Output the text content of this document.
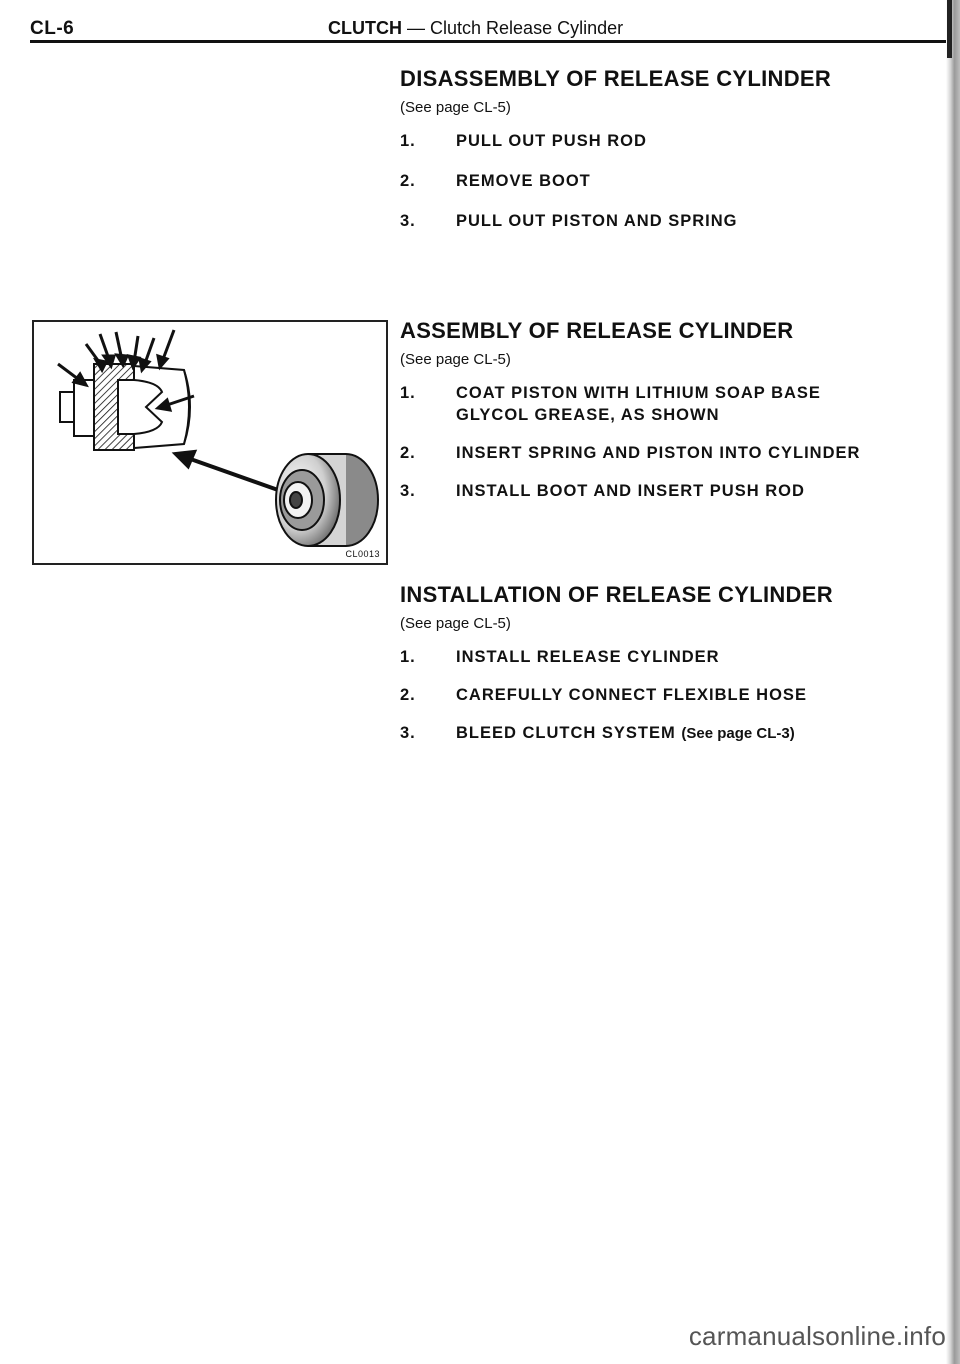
CL-6	CLUTCH — Clutch Release Cylinder
DISASSEMBLY OF RELEASE CYLINDER
(See page CL-5)
1. PULL OUT PUSH ROD
2. REMOVE BOOT
3. PULL OUT PISTON AND SPRING
CL0013
ASSEMBLY OF RELEASE CYLINDER
(See page CL-5)
1. COAT PISTON WITH LITHIUM SOAP BASE
GLYCOL GREASE, AS SHOWN
2. INSERT SPRING AND PISTON INTO CYLINDER
3. INSTALL BOOT AND INSERT PUSH ROD
INSTALLATION OF RELEASE CYLINDER
(See page CL-5)
1. INSTALL RELEASE CYLINDER
2. CAREFULLY CONNECT FLEXIBLE HOSE
3. BLEED CLUTCH SYSTEM (See page CL-3)
carmanualsonline.info
